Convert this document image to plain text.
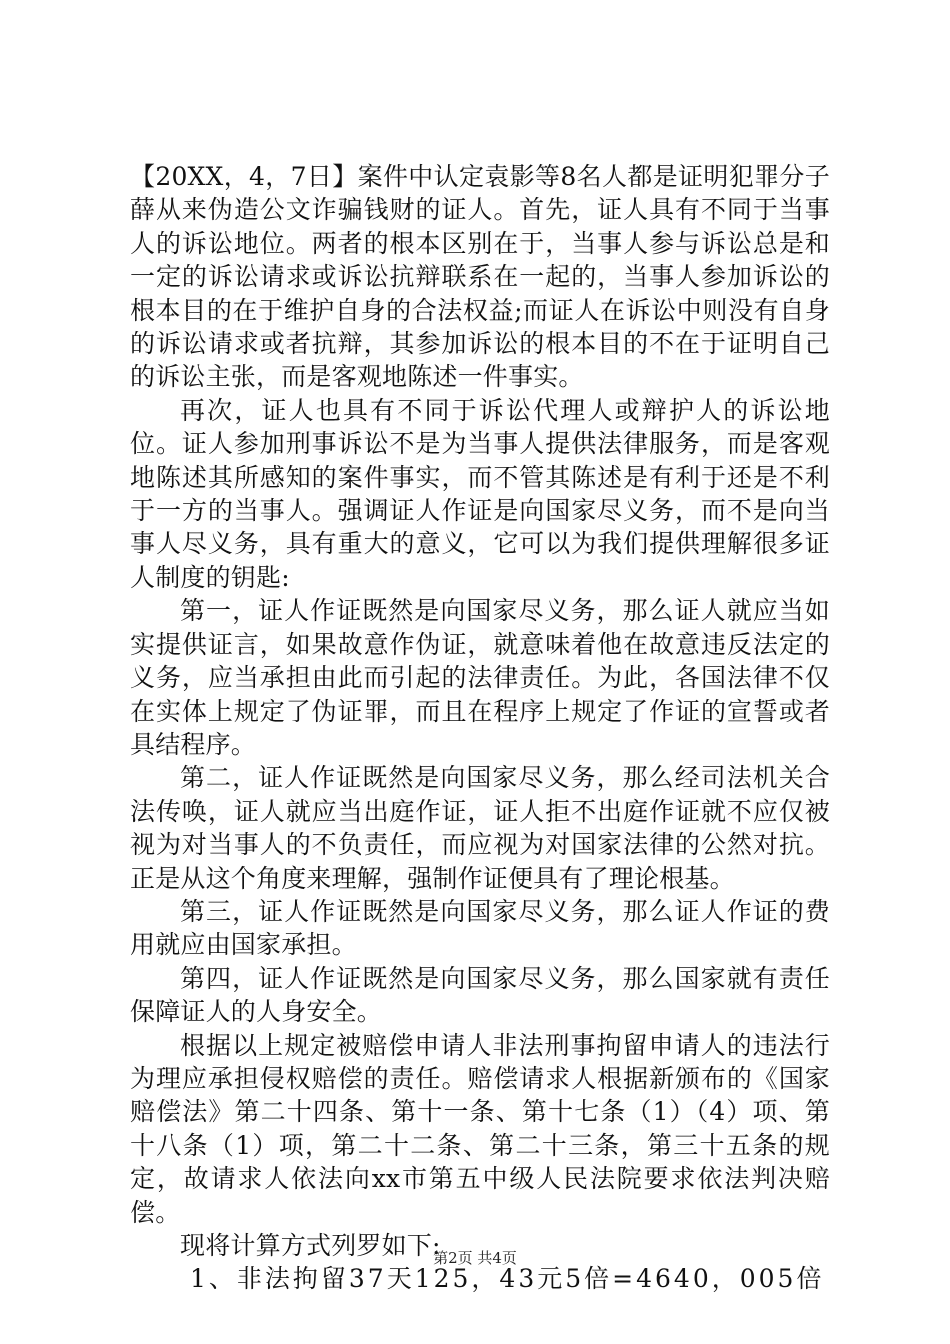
【20XX，4，7日】案件中认定袁影等8名人都是证明犯罪分子薛从来伪造公文诈骗钱财的证人。首先，证人具有不同于当事人的诉讼地位。两者的根本区别在于，当事人参与诉讼总是和一定的诉讼请求或诉讼抗辩联系在一起的，当事人参加诉讼的根本目的在于维护自身的合法权益;而证人在诉讼中则没有自身的诉讼请求或者抗辩，其参加诉讼的根本目的不在于证明自己的诉讼主张，而是客观地陈述一件事实。

再次，证人也具有不同于诉讼代理人或辩护人的诉讼地位。证人参加刑事诉讼不是为当事人提供法律服务，而是客观地陈述其所感知的案件事实，而不管其陈述是有利于还是不利于一方的当事人。强调证人作证是向国家尽义务，而不是向当事人尽义务，具有重大的意义，它可以为我们提供理解很多证人制度的钥匙:

第一，证人作证既然是向国家尽义务，那么证人就应当如实提供证言，如果故意作伪证，就意味着他在故意违反法定的义务，应当承担由此而引起的法律责任。为此，各国法律不仅在实体上规定了伪证罪，而且在程序上规定了作证的宣誓或者具结程序。

第二，证人作证既然是向国家尽义务，那么经司法机关合法传唤，证人就应当出庭作证，证人拒不出庭作证就不应仅被视为对当事人的不负责任，而应视为对国家法律的公然对抗。正是从这个角度来理解，强制作证便具有了理论根基。

第三，证人作证既然是向国家尽义务，那么证人作证的费用就应由国家承担。

第四，证人作证既然是向国家尽义务，那么国家就有责任保障证人的人身安全。

根据以上规定被赔偿申请人非法刑事拘留申请人的违法行为理应承担侵权赔偿的责任。赔偿请求人根据新颁布的《国家赔偿法》第二十四条、第十一条、第十七条（1）（4）项、第十八条（1）项，第二十二条、第二十三条，第三十五条的规定，故请求人依法向xx市第五中级人民法院要求依法判决赔偿。

现将计算方式列罗如下:

1、非法拘留37天125，43元5倍=4640，005倍

第2页 共4页
